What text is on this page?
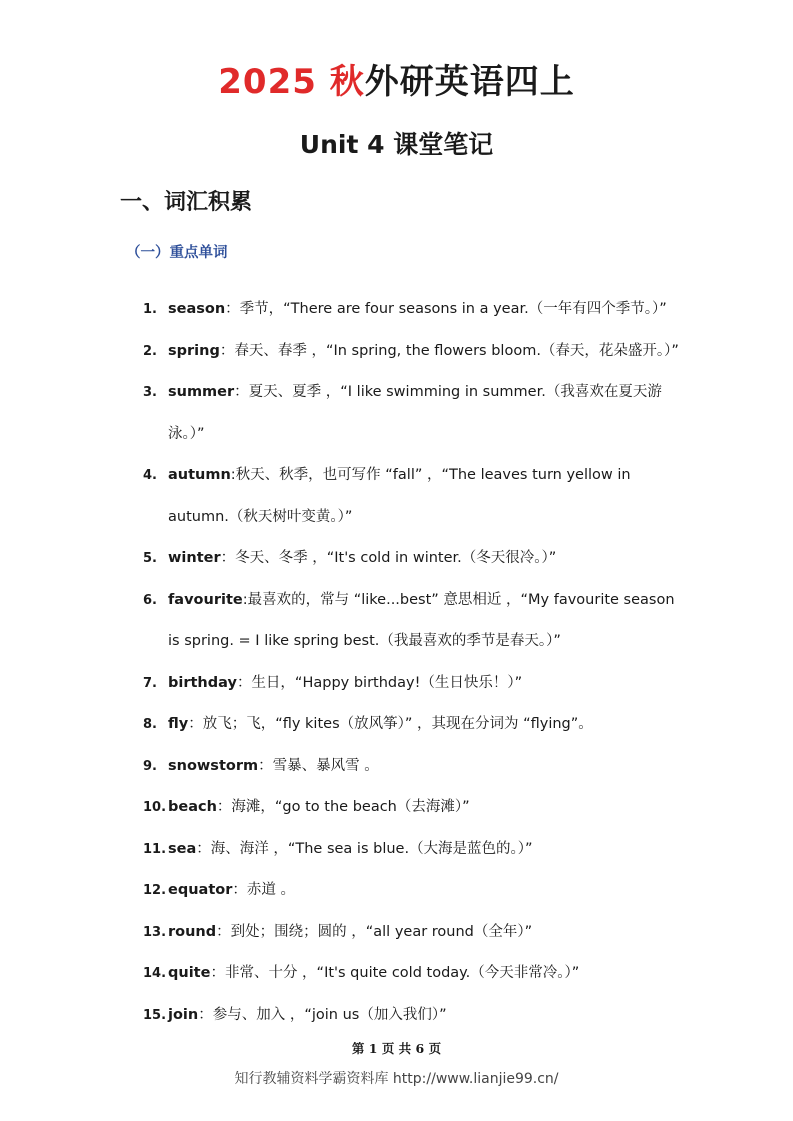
2025 秋外研英语四上
Unit 4 课堂笔记
一、词汇积累
（一）重点单词
1. season：季节，“There are four seasons in a year.（一年有四个季节。）”
2. spring：春天、春季 ，“In spring, the flowers bloom.（春天，花朵盛开。）”
3. summer：夏天、夏季 ，“I like swimming in summer.（我喜欢在夏天游泳。）”
4. autumn:秋天、秋季，也可写作 “fall” ，“The leaves turn yellow in autumn.（秋天树叶变黄。）”
5. winter：冬天、冬季 ，“It's cold in winter.（冬天很冷。）”
6. favourite:最喜欢的，常与 “like...best” 意思相近 ，“My favourite season is spring. = I like spring best.（我最喜欢的季节是春天。）”
7. birthday：生日，“Happy birthday!（生日快乐！）”
8. fly：放飞；飞，“fly kites（放风筝）” ，其现在分词为 “flying”。
9. snowstorm：雪暴、暴风雪 。
10. beach：海滩，“go to the beach（去海滩）”
11. sea：海、海洋 ，“The sea is blue.（大海是蓝色的。）”
12. equator：赤道 。
13. round：到处；围绕；圆的 ，“all year round（全年）”
14. quite：非常、十分 ，“It's quite cold today.（今天非常冷。）”
15. join：参与、加入 ，“join us（加入我们）”
第 1 页 共 6 页
知行教辅资料学霸资料库 http://www.lianjie99.cn/
